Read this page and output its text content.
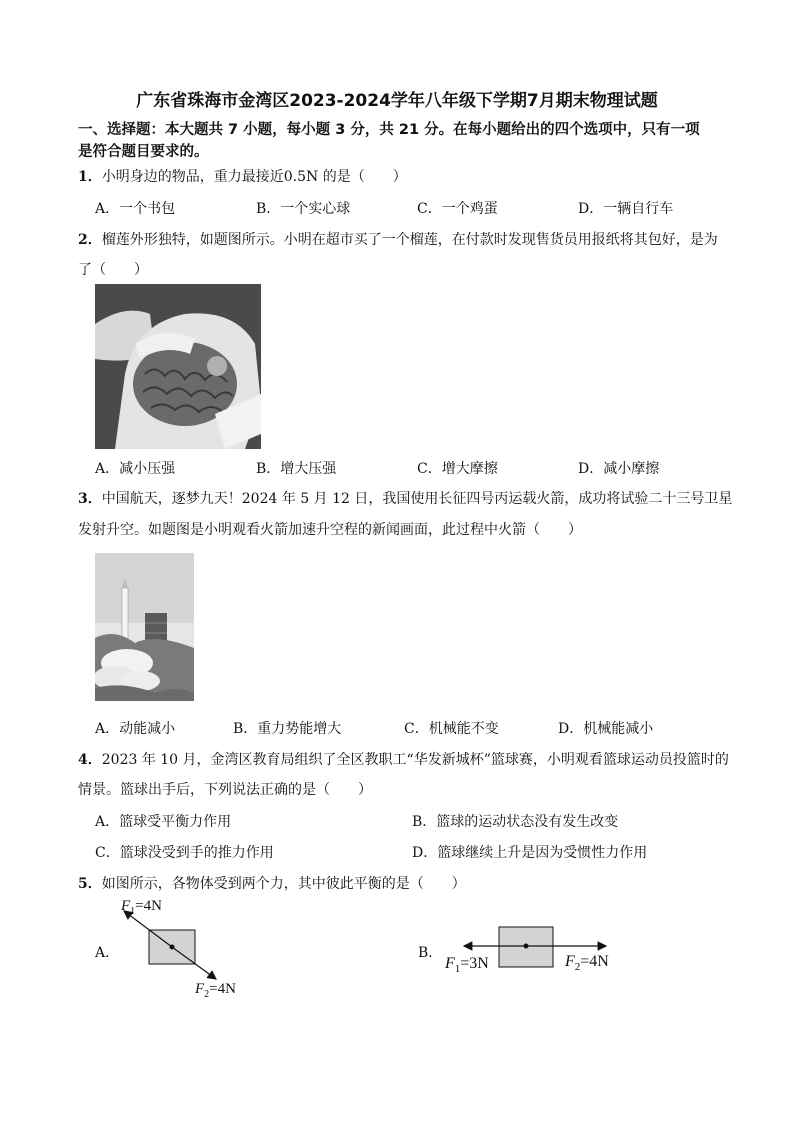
广东省珠海市金湾区2023-2024学年八年级下学期7月期末物理试题
一、选择题：本大题共 7 小题，每小题 3 分，共 21 分。在每小题给出的四个选项中，只有一项
是符合题目要求的。
1．小明身边的物品，重力最接近0.5N 的是（　　）
A．一个书包	B．一个实心球	C．一个鸡蛋	D．一辆自行车
2．榴莲外形独特，如题图所示。小明在超市买了一个榴莲，在付款时发现售货员用报纸将其包好，是为
了（　　）
A．减小压强	B．增大压强	C．增大摩擦	D．减小摩擦
3．中国航天，逐梦九天！2024 年 5 月 12 日，我国使用长征四号丙运载火箭，成功将试验二十三号卫星
发射升空。如题图是小明观看火箭加速升空程的新闻画面，此过程中火箭（　　）
A．动能减小	B．重力势能增大	C．机械能不变	D．机械能减小
4．2023 年 10 月，金湾区教育局组织了全区教职工“华发新城杯”篮球赛，小明观看篮球运动员投篮时的
情景。篮球出手后，下列说法正确的是（　　）
A．篮球受平衡力作用	B．篮球的运动状态没有发生改变
C．篮球没受到手的推力作用	D．篮球继续上升是因为受惯性力作用
5．如图所示，各物体受到两个力，其中彼此平衡的是（　　）
A．
$F_1=4N$
$F_2=4N$
B．
$F_1=3N$	$F_2=4N$
